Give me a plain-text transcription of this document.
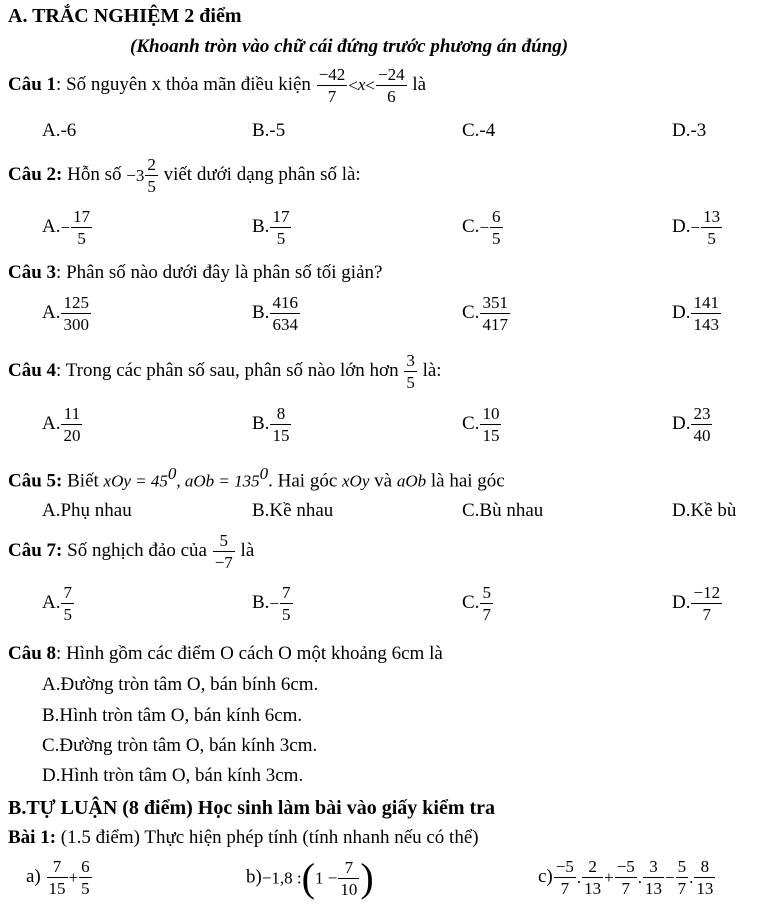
A. TRẮC NGHIỆM 2 điểm
(Khoanh tròn vào chữ cái đứng trước phương án đúng)
Câu 1: Số nguyên x thỏa mãn điều kiện $\frac{-42}{7} <x< \frac{-24}{6}$ là
A.-6	B.-5	C.-4	D.-3
Câu 2: Hỗn số $-3 \frac{2}{5}$ viết dưới dạng phân số là:
$A.- \frac{17}{5}$	B. $\frac{17}{5}$	$C.- \frac{6}{5}$	$D.- \frac{13}{5}$
Câu 3: Phân số nào dưới đây là phân số tối giản?
A. $\frac{125}{300}$	B. $\frac{416}{634}$	C. $\frac{351}{417}$	D. $\frac{141}{143}$
Câu 4: Trong các phân số sau, phân số nào lớn hơn $\frac{3}{5}$ là:
A. $\frac{11}{20}$	B. $\frac{8}{15}$	C. $\frac{10}{15}$	D. $\frac{23}{40}$
Câu 5: Biết xOy = $45^0$, aOb = $135^0$. Hai góc xOy và aOb là hai góc
A.Phụ nhau	B.Kề nhau	C.Bù nhau	D.Kề bù
Câu 7: Số nghịch đảo của $\frac{5}{-7}$ là
A. $\frac{7}{5}$	$B.- \frac{7}{5}$	C. $\frac{5}{7}$	D. $\frac{-12}{7}$
Câu 8: Hình gồm các điểm O cách O một khoảng 6cm là
A.Đường tròn tâm O, bán bính 6cm.
B.Hình tròn tâm O, bán kính 6cm.
C.Đường tròn tâm O, bán kính 3cm.
D.Hình tròn tâm O, bán kính 3cm.
B.TỰ LUẬN (8 điểm) Học sinh làm bài vào giấy kiểm tra
Bài 1: (1.5 điểm) Thực hiện phép tính (tính nhanh nếu có thể)
$a) \frac{7}{15} + \frac{6}{5}$	b)−1,8 :(1 − $\frac{7}{10}$ )	$c) \frac{-5}{7}$ . $\frac{2}{13} + \frac{-5}{7}$ . $\frac{3}{13} - \frac{5}{7}$ . $\frac{8}{13}$
